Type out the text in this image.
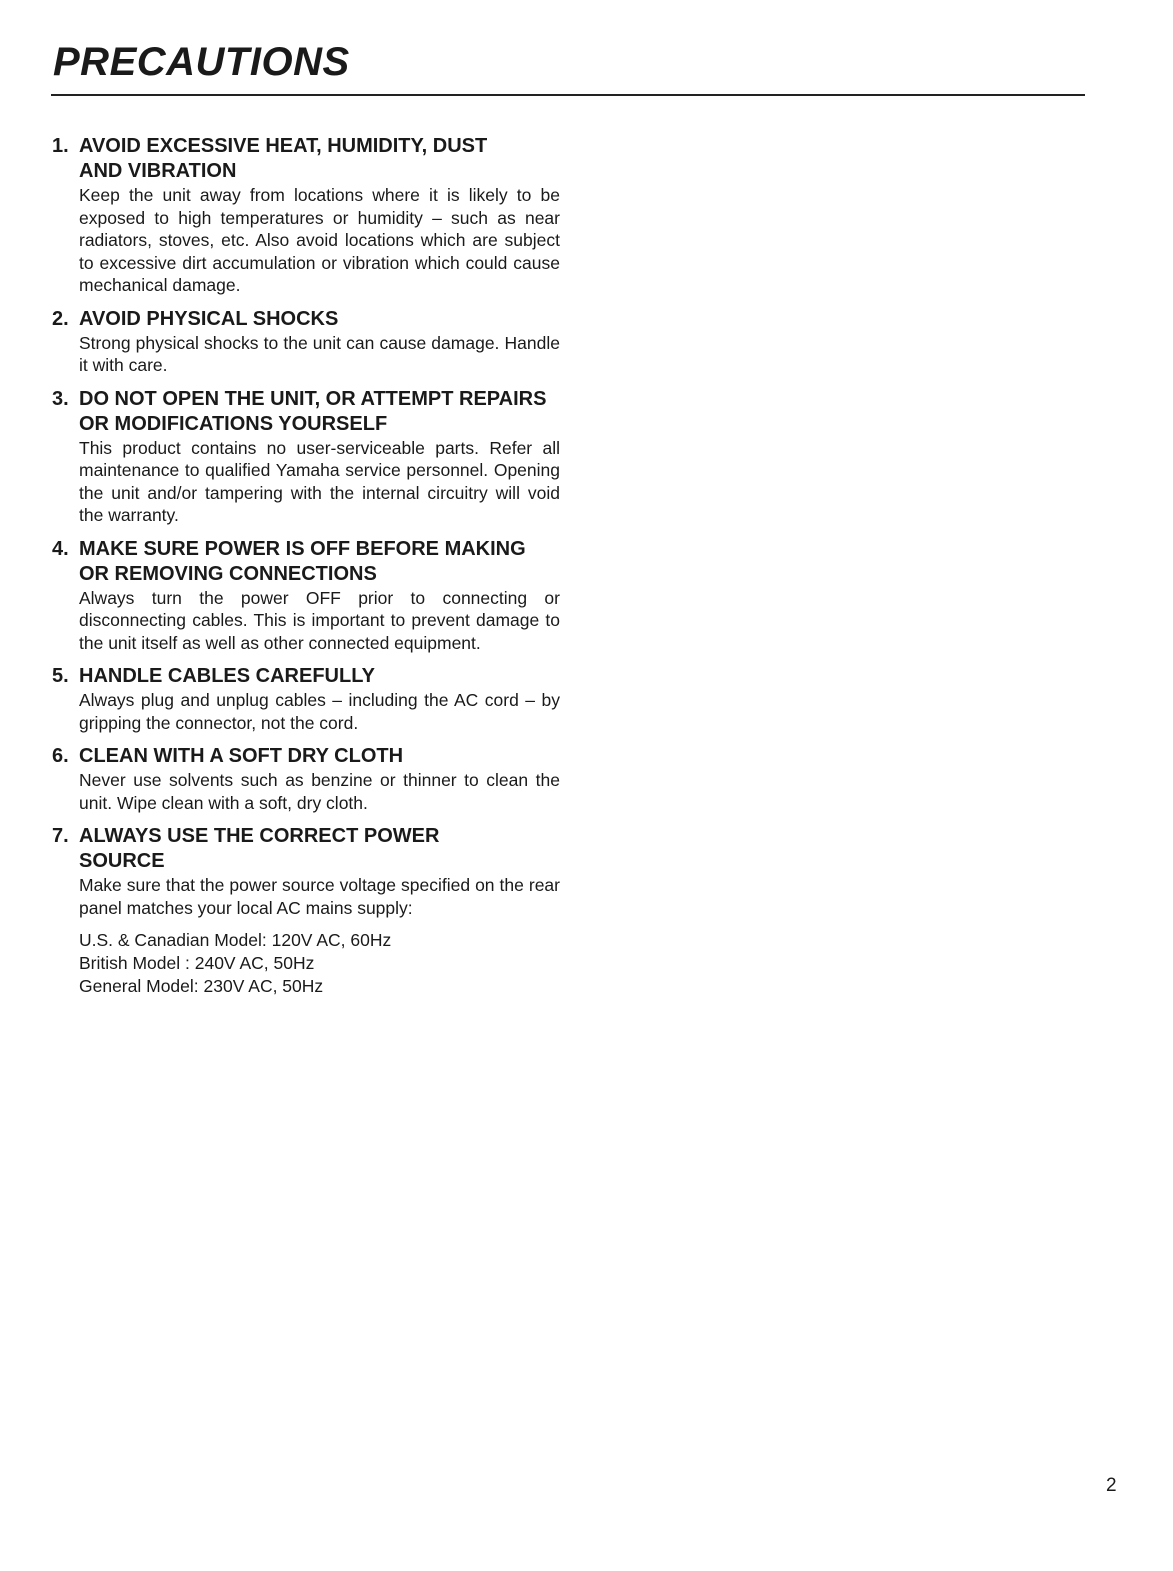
PRECAUTIONS
1. AVOID EXCESSIVE HEAT, HUMIDITY, DUST AND VIBRATION
Keep the unit away from locations where it is likely to be exposed to high temperatures or humidity – such as near radiators, stoves, etc. Also avoid locations which are subject to excessive dirt accumulation or vibration which could cause mechanical damage.
2. AVOID PHYSICAL SHOCKS
Strong physical shocks to the unit can cause damage. Handle it with care.
3. DO NOT OPEN THE UNIT, OR ATTEMPT REPAIRS OR MODIFICATIONS YOURSELF
This product contains no user-serviceable parts. Refer all maintenance to qualified Yamaha service personnel. Opening the unit and/or tampering with the internal circuitry will void the warranty.
4. MAKE SURE POWER IS OFF BEFORE MAKING OR REMOVING CONNECTIONS
Always turn the power OFF prior to connecting or disconnecting cables. This is important to prevent damage to the unit itself as well as other connected equipment.
5. HANDLE CABLES CAREFULLY
Always plug and unplug cables – including the AC cord – by gripping the connector, not the cord.
6. CLEAN WITH A SOFT DRY CLOTH
Never use solvents such as benzine or thinner to clean the unit. Wipe clean with a soft, dry cloth.
7. ALWAYS USE THE CORRECT POWER SOURCE
Make sure that the power source voltage specified on the rear panel matches your local AC mains supply:
U.S. & Canadian Model: 120V AC, 60Hz
British Model : 240V AC, 50Hz
General Model: 230V AC, 50Hz
2
